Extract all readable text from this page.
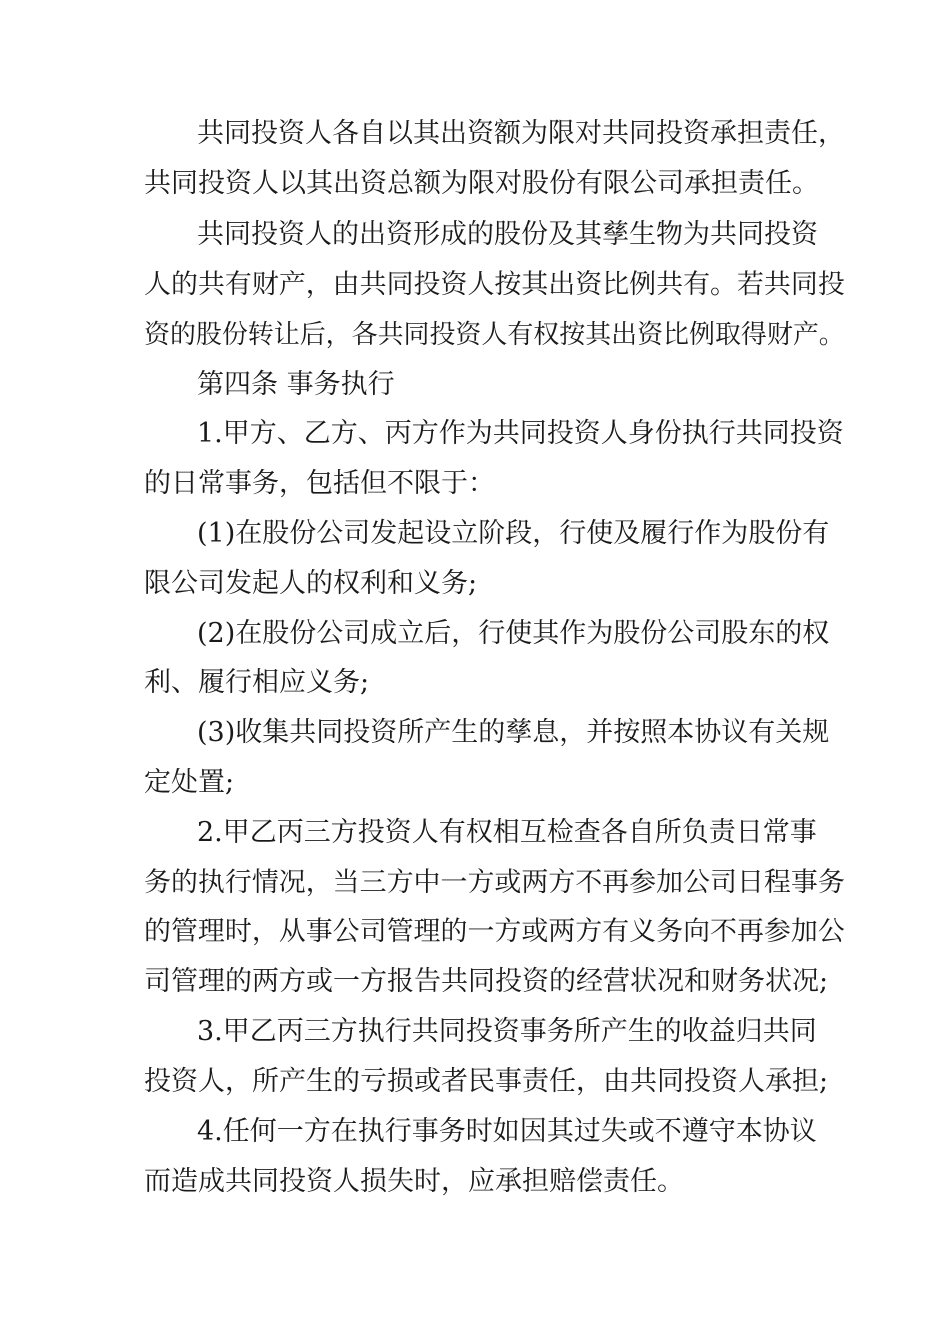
共同投资人各自以其出资额为限对共同投资承担责任，
共同投资人以其出资总额为限对股份有限公司承担责任。
共同投资人的出资形成的股份及其孳生物为共同投资
人的共有财产，由共同投资人按其出资比例共有。若共同投
资的股份转让后，各共同投资人有权按其出资比例取得财产。
第四条 事务执行
1.甲方、乙方、丙方作为共同投资人身份执行共同投资
的日常事务，包括但不限于：
(1)在股份公司发起设立阶段，行使及履行作为股份有
限公司发起人的权利和义务;
(2)在股份公司成立后，行使其作为股份公司股东的权
利、履行相应义务;
(3)收集共同投资所产生的孳息，并按照本协议有关规
定处置;
2.甲乙丙三方投资人有权相互检查各自所负责日常事
务的执行情况，当三方中一方或两方不再参加公司日程事务
的管理时，从事公司管理的一方或两方有义务向不再参加公
司管理的两方或一方报告共同投资的经营状况和财务状况;
3.甲乙丙三方执行共同投资事务所产生的收益归共同
投资人，所产生的亏损或者民事责任，由共同投资人承担;
4.任何一方在执行事务时如因其过失或不遵守本协议
而造成共同投资人损失时，应承担赔偿责任。
